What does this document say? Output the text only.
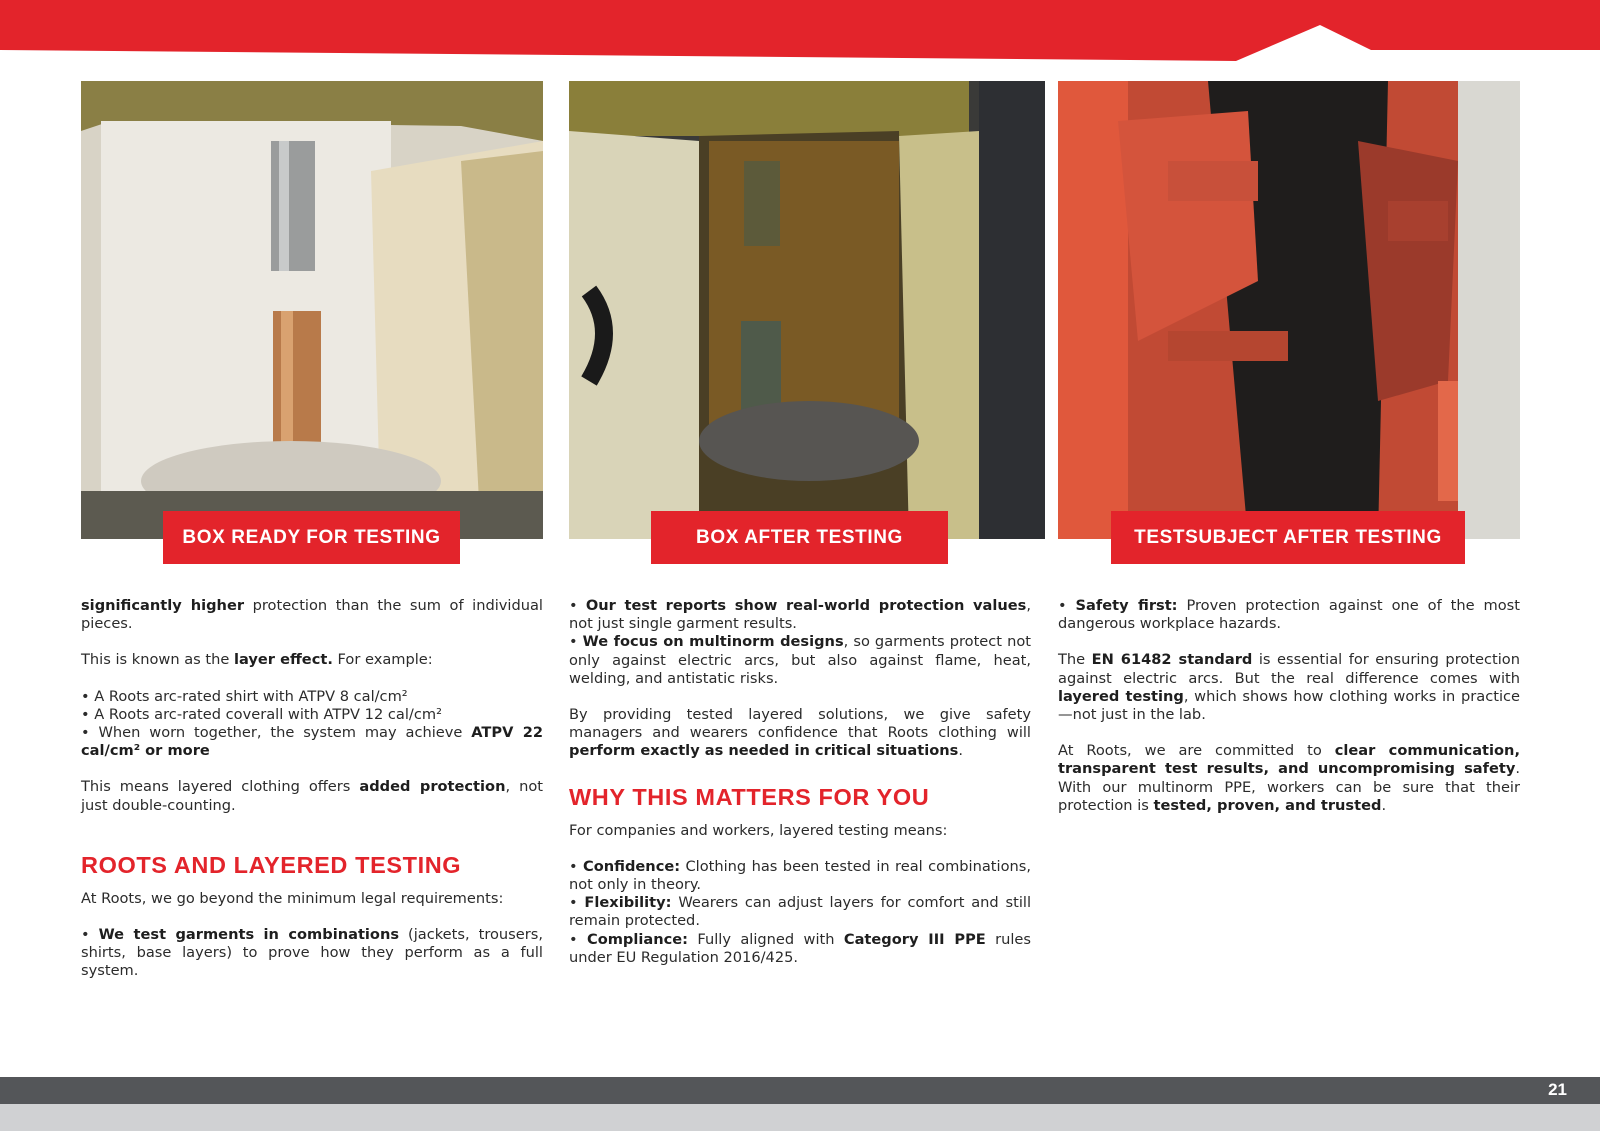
BOX READY FOR TESTING	BOX AFTER TESTING	TESTSUBJECT AFTER TESTING

significantly higher protection than the sum of individual pieces.

This is known as the layer effect. For example:

• A Roots arc-rated shirt with ATPV 8 cal/cm²

• A Roots arc-rated coverall with ATPV 12 cal/cm²

• When worn together, the system may achieve ATPV 22 cal/cm² or more

This means layered clothing offers added protection, not just double-counting.

ROOTS AND LAYERED TESTING

At Roots, we go beyond the minimum legal requirements:

• We test garments in combinations (jackets, trousers, shirts, base layers) to prove how they perform as a full system.

• Our test reports show real-world protection values, not just single garment results.

• We focus on multinorm designs, so garments protect not only against electric arcs, but also against flame, heat, welding, and antistatic risks.

By providing tested layered solutions, we give safety managers and wearers confidence that Roots clothing will perform exactly as needed in critical situations.

WHY THIS MATTERS FOR YOU

For companies and workers, layered testing means:

• Confidence: Clothing has been tested in real combinations, not only in theory.

• Flexibility: Wearers can adjust layers for comfort and still remain protected.

• Compliance: Fully aligned with Category III PPE rules under EU Regulation 2016/425.

• Safety first: Proven protection against one of the most dangerous workplace hazards.

The EN 61482 standard is essential for ensuring protection against electric arcs. But the real difference comes with layered testing, which shows how clothing works in practice—not just in the lab.

At Roots, we are committed to clear communication, transparent test results, and uncompromising safety. With our multinorm PPE, workers can be sure that their protection is tested, proven, and trusted.

21
